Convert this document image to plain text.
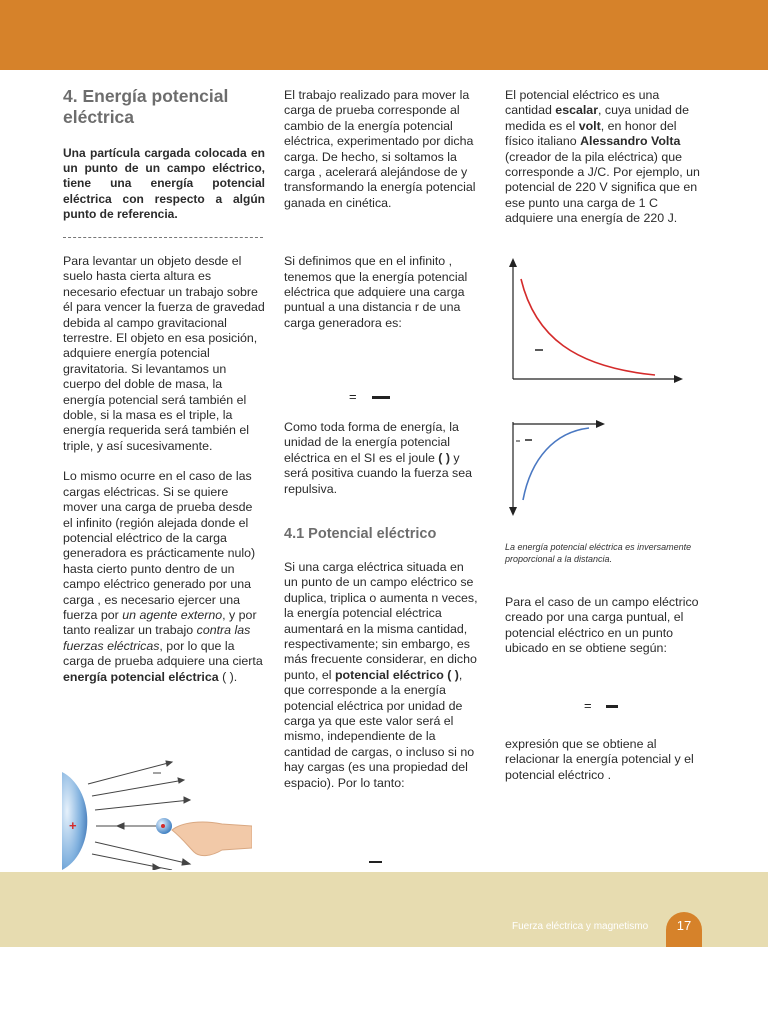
4. Energía potencial eléctrica
Una partícula cargada colocada en un punto de un campo eléctrico, tiene una energía potencial eléctrica con respecto a algún punto de referencia.

Para levantar un objeto desde el suelo hasta cierta altura es necesario efectuar un trabajo sobre él para vencer la fuerza de gravedad debida al campo gravitacional terrestre. El objeto en esa posición, adquiere energía potencial gravitatoria. Si levantamos un cuerpo del doble de masa, la energía potencial será también el doble, si la masa es el triple, la energía requerida será también el triple, y así sucesivamente.

Lo mismo ocurre en el caso de las cargas eléctricas. Si se quiere mover una carga de prueba desde el infinito (región alejada donde el potencial eléctrico de la carga generadora es prácticamente nulo) hasta cierto punto dentro de un campo eléctrico generado por una carga , es necesario ejercer una fuerza por un agente externo, y por tanto realizar un trabajo contra las fuerzas eléctricas, por lo que la carga de prueba adquiere una cierta energía potencial eléctrica ( ).

+

El trabajo realizado para mover la carga de prueba corresponde al cambio de la energía potencial eléctrica, experimentado por dicha carga. De hecho, si soltamos la carga , acelerará alejándose de y transformando la energía potencial ganada en cinética.

Si definimos que en el infinito , tenemos que la energía potencial eléctrica que adquiere una carga puntual a una distancia r de una carga generadora es:

=
Como toda forma de energía, la unidad de la energía potencial eléctrica en el SI es el joule ( ) y será positiva cuando la fuerza sea repulsiva.
4.1 Potencial eléctrico
Si una carga eléctrica situada en un punto de un campo eléctrico se duplica, triplica o aumenta n veces, la energía potencial eléctrica aumentará en la misma cantidad, respectivamente; sin embargo, es más frecuente considerar, en dicho punto, el potencial eléctrico ( ), que corresponde a la energía potencial eléctrica por unidad de carga ya que este valor será el mismo, independiente de la cantidad de cargas, o incluso si no hay cargas (es una propiedad del espacio). Por lo tanto:
El potencial eléctrico es una cantidad escalar, cuya unidad de medida es el volt, en honor del físico italiano Alessandro Volta (creador de la pila eléctrica) que corresponde a J/C. Por ejemplo, un potencial de 220 V significa que en ese punto una carga de 1 C adquiere una energía de 220 J.
La energía potencial eléctrica es inversamente proporcional a la distancia.
Para el caso de un campo eléctrico creado por una carga puntual, el potencial eléctrico en un punto ubicado en se obtiene según:
=
expresión que se obtiene al relacionar la energía potencial y el potencial eléctrico .
Fuerza eléctrica y magnetismo	17
